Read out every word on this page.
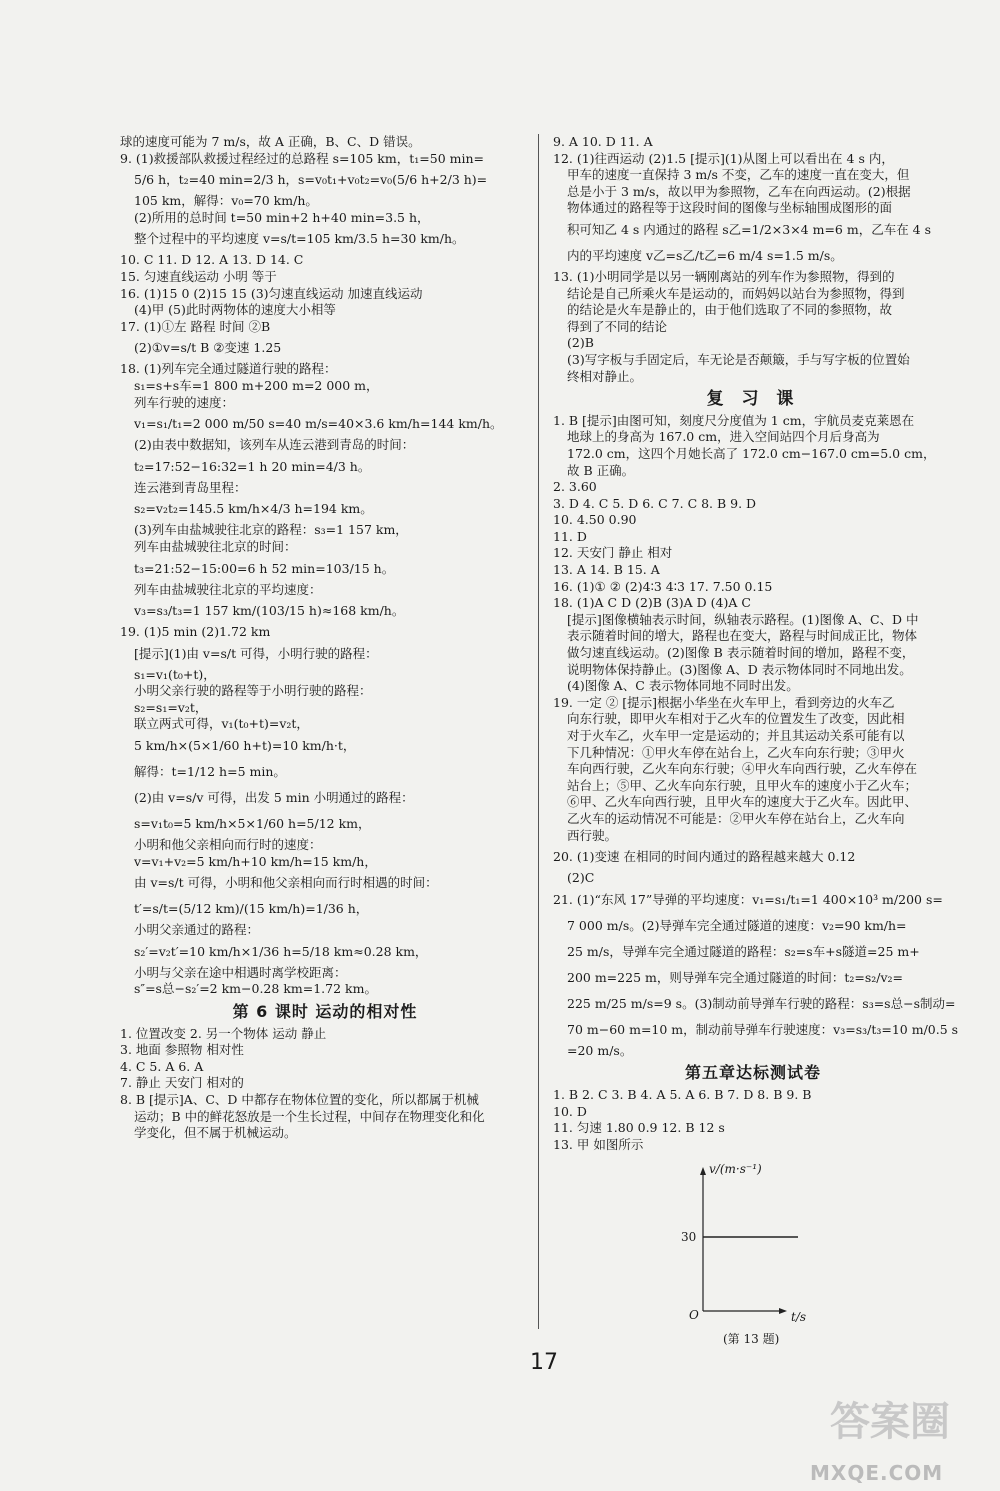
球的速度可能为 7 m/s，故 A 正确，B、C、D 错误。
9. (1)救援部队救援过程经过的总路程 s=105 km，t₁=50 min=
5/6 h，t₂=40 min=2/3 h，s=v₀t₁+v₀t₂=v₀(5/6 h+2/3 h)=
105 km，解得：v₀=70 km/h。
(2)所用的总时间 t=50 min+2 h+40 min=3.5 h，
整个过程中的平均速度 v=s/t=105 km/3.5 h=30 km/h。
10. C 11. D 12. A 13. D 14. C
15. 匀速直线运动 小明 等于
16. (1)15 0 (2)15 15 (3)匀速直线运动 加速直线运动
(4)甲 (5)此时两物体的速度大小相等
17. (1)①左 路程 时间 ②B
(2)①v=s/t B ②变速 1.25
18. (1)列车完全通过隧道行驶的路程：
s₁=s+s车=1 800 m+200 m=2 000 m，
列车行驶的速度：
v₁=s₁/t₁=2 000 m/50 s=40 m/s=40×3.6 km/h=144 km/h。
(2)由表中数据知，该列车从连云港到青岛的时间：
t₂=17:52−16:32=1 h 20 min=4/3 h。
连云港到青岛里程：
s₂=v₂t₂=145.5 km/h×4/3 h=194 km。
(3)列车由盐城驶往北京的路程：s₃=1 157 km，
列车由盐城驶往北京的时间：
t₃=21:52−15:00=6 h 52 min=103/15 h。
列车由盐城驶往北京的平均速度：
v₃=s₃/t₃=1 157 km/(103/15 h)≈168 km/h。
19. (1)5 min (2)1.72 km
[提示](1)由 v=s/t 可得，小明行驶的路程：
s₁=v₁(t₀+t)，
小明父亲行驶的路程等于小明行驶的路程：
s₂=s₁=v₂t，
联立两式可得，v₁(t₀+t)=v₂t，
5 km/h×(5×1/60 h+t)=10 km/h·t，
解得：t=1/12 h=5 min。
(2)由 v=s/v 可得，出发 5 min 小明通过的路程：
s=v₁t₀=5 km/h×5×1/60 h=5/12 km，
小明和他父亲相向而行时的速度：
v=v₁+v₂=5 km/h+10 km/h=15 km/h，
由 v=s/t 可得，小明和他父亲相向而行时相遇的时间：
t′=s/t=(5/12 km)/(15 km/h)=1/36 h，
小明父亲通过的路程：
s₂′=v₂t′=10 km/h×1/36 h=5/18 km≈0.28 km，
小明与父亲在途中相遇时离学校距离：
s″=s总−s₂′=2 km−0.28 km=1.72 km。
第 6 课时 运动的相对性
1. 位置改变 2. 另一个物体 运动 静止
3. 地面 参照物 相对性
4. C 5. A 6. A
7. 静止 天安门 相对的
8. B [提示]A、C、D 中都存在物体位置的变化，所以都属于机械
运动；B 中的鲜花怒放是一个生长过程，中间存在物理变化和化
学变化，但不属于机械运动。
9. A 10. D 11. A
12. (1)往西运动 (2)1.5 [提示](1)从图上可以看出在 4 s 内，
甲车的速度一直保持 3 m/s 不变，乙车的速度一直在变大，但
总是小于 3 m/s，故以甲为参照物，乙车在向西运动。(2)根据
物体通过的路程等于这段时间的图像与坐标轴围成图形的面
积可知乙 4 s 内通过的路程 s乙=1/2×3×4 m=6 m，乙车在 4 s
内的平均速度 v乙=s乙/t乙=6 m/4 s=1.5 m/s。
13. (1)小明同学是以另一辆刚离站的列车作为参照物，得到的
结论是自己所乘火车是运动的，而妈妈以站台为参照物，得到
的结论是火车是静止的，由于他们选取了不同的参照物，故
得到了不同的结论
(2)B
(3)写字板与手固定后，车无论是否颠簸，手与写字板的位置始
终相对静止。
复 习 课
1. B [提示]由图可知，刻度尺分度值为 1 cm，宇航员麦克莱恩在
地球上的身高为 167.0 cm，进入空间站四个月后身高为
172.0 cm，这四个月她长高了 172.0 cm−167.0 cm=5.0 cm，
故 B 正确。
2. 3.60
3. D 4. C 5. D 6. C 7. C 8. B 9. D
10. 4.50 0.90
11. D
12. 天安门 静止 相对
13. A 14. B 15. A
16. (1)① ② (2)4∶3 4∶3 17. 7.50 0.15
18. (1)A C D (2)B (3)A D (4)A C
[提示]图像横轴表示时间，纵轴表示路程。(1)图像 A、C、D 中
表示随着时间的增大，路程也在变大，路程与时间成正比，物体
做匀速直线运动。(2)图像 B 表示随着时间的增加，路程不变，
说明物体保持静止。(3)图像 A、D 表示物体同时不同地出发。
(4)图像 A、C 表示物体同地不同时出发。
19. 一定 ② [提示]根据小华坐在火车甲上，看到旁边的火车乙
向东行驶，即甲火车相对于乙火车的位置发生了改变，因此相
对于火车乙，火车甲一定是运动的；并且其运动关系可能有以
下几种情况：①甲火车停在站台上，乙火车向东行驶；③甲火
车向西行驶，乙火车向东行驶；④甲火车向西行驶，乙火车停在
站台上；⑤甲、乙火车向东行驶，且甲火车的速度小于乙火车；
⑥甲、乙火车向西行驶，且甲火车的速度大于乙火车。因此甲、
乙火车的运动情况不可能是：②甲火车停在站台上，乙火车向
西行驶。
20. (1)变速 在相同的时间内通过的路程越来越大 0.12
(2)C
21. (1)“东风 17”导弹的平均速度：v₁=s₁/t₁=1 400×10³ m/200 s=
7 000 m/s。(2)导弹车完全通过隧道的速度：v₂=90 km/h=
25 m/s，导弹车完全通过隧道的路程：s₂=s车+s隧道=25 m+
200 m=225 m，则导弹车完全通过隧道的时间：t₂=s₂/v₂=
225 m/25 m/s=9 s。(3)制动前导弹车行驶的路程：s₃=s总−s制动=
70 m−60 m=10 m，制动前导弹车行驶速度：v₃=s₃/t₃=10 m/0.5 s
=20 m/s。
第五章达标测试卷
1. B 2. C 3. B 4. A 5. A 6. B 7. D 8. B 9. B
10. D
11. 匀速 1.80 0.9 12. B 12 s
13. 甲 如图所示
v/(m·s⁻¹)
30
O	t/s
(第 13 题)
17
答案圈
MXQE.COM
